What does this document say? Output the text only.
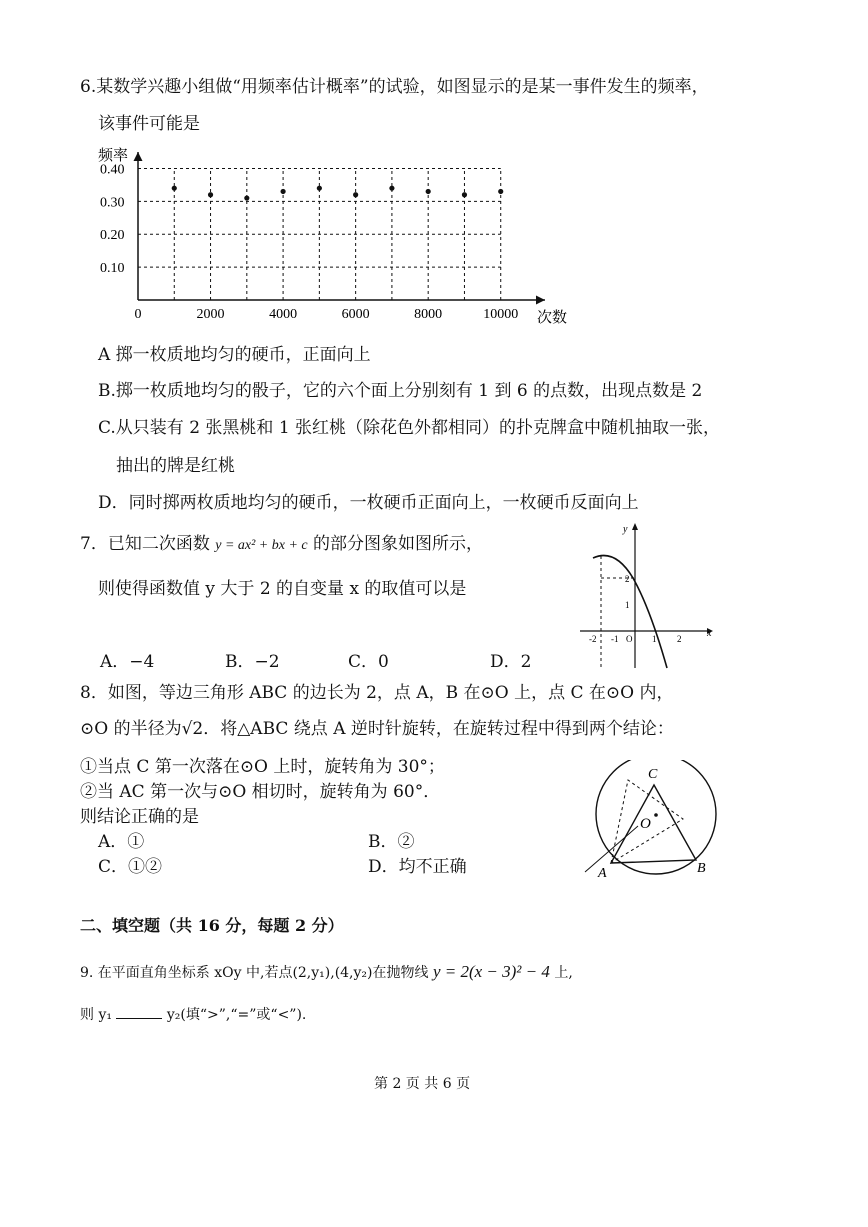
6.某数学兴趣小组做“用频率估计概率”的试验，如图显示的是某一事件发生的频率，
该事件可能是
频率
次数
0.40
0.30
0.20
0.10
0	2000	4000	6000	8000	10000
A 掷一枚质地均匀的硬币，正面向上
B.掷一枚质地均匀的骰子，它的六个面上分别刻有 1 到 6 的点数，出现点数是 2
C.从只装有 2 张黑桃和 1 张红桃（除花色外都相同）的扑克牌盒中随机抽取一张，
抽出的牌是红桃
D．同时掷两枚质地均匀的硬币，一枚硬币正面向上，一枚硬币反面向上
7．已知二次函数 y = ax² + bx + c 的部分图象如图所示，
则使得函数值 y 大于 2 的自变量 x 的取值可以是
A．−4	B．−2	C．0	D．2
y
x
-2 -1 O 1 2
2
1
8．如图，等边三角形 ABC 的边长为 2，点 A，B 在⊙O 上，点 C 在⊙O 内，
⊙O 的半径为√2．将△ABC 绕点 A 逆时针旋转，在旋转过程中得到两个结论：
①当点 C 第一次落在⊙O 上时，旋转角为 30°；
②当 AC 第一次与⊙O 相切时，旋转角为 60°．
则结论正确的是
A．①	B．②
C．①②	D．均不正确
C
O
A	B
二、填空题（共 16 分，每题 2 分）
9. 在平面直角坐标系 xOy 中,若点(2,y₁),(4,y₂)在抛物线 y = 2(x − 3)² − 4 上,
则 y₁	y₂(填“>”,“=”或“<”).
第 2 页 共 6 页
